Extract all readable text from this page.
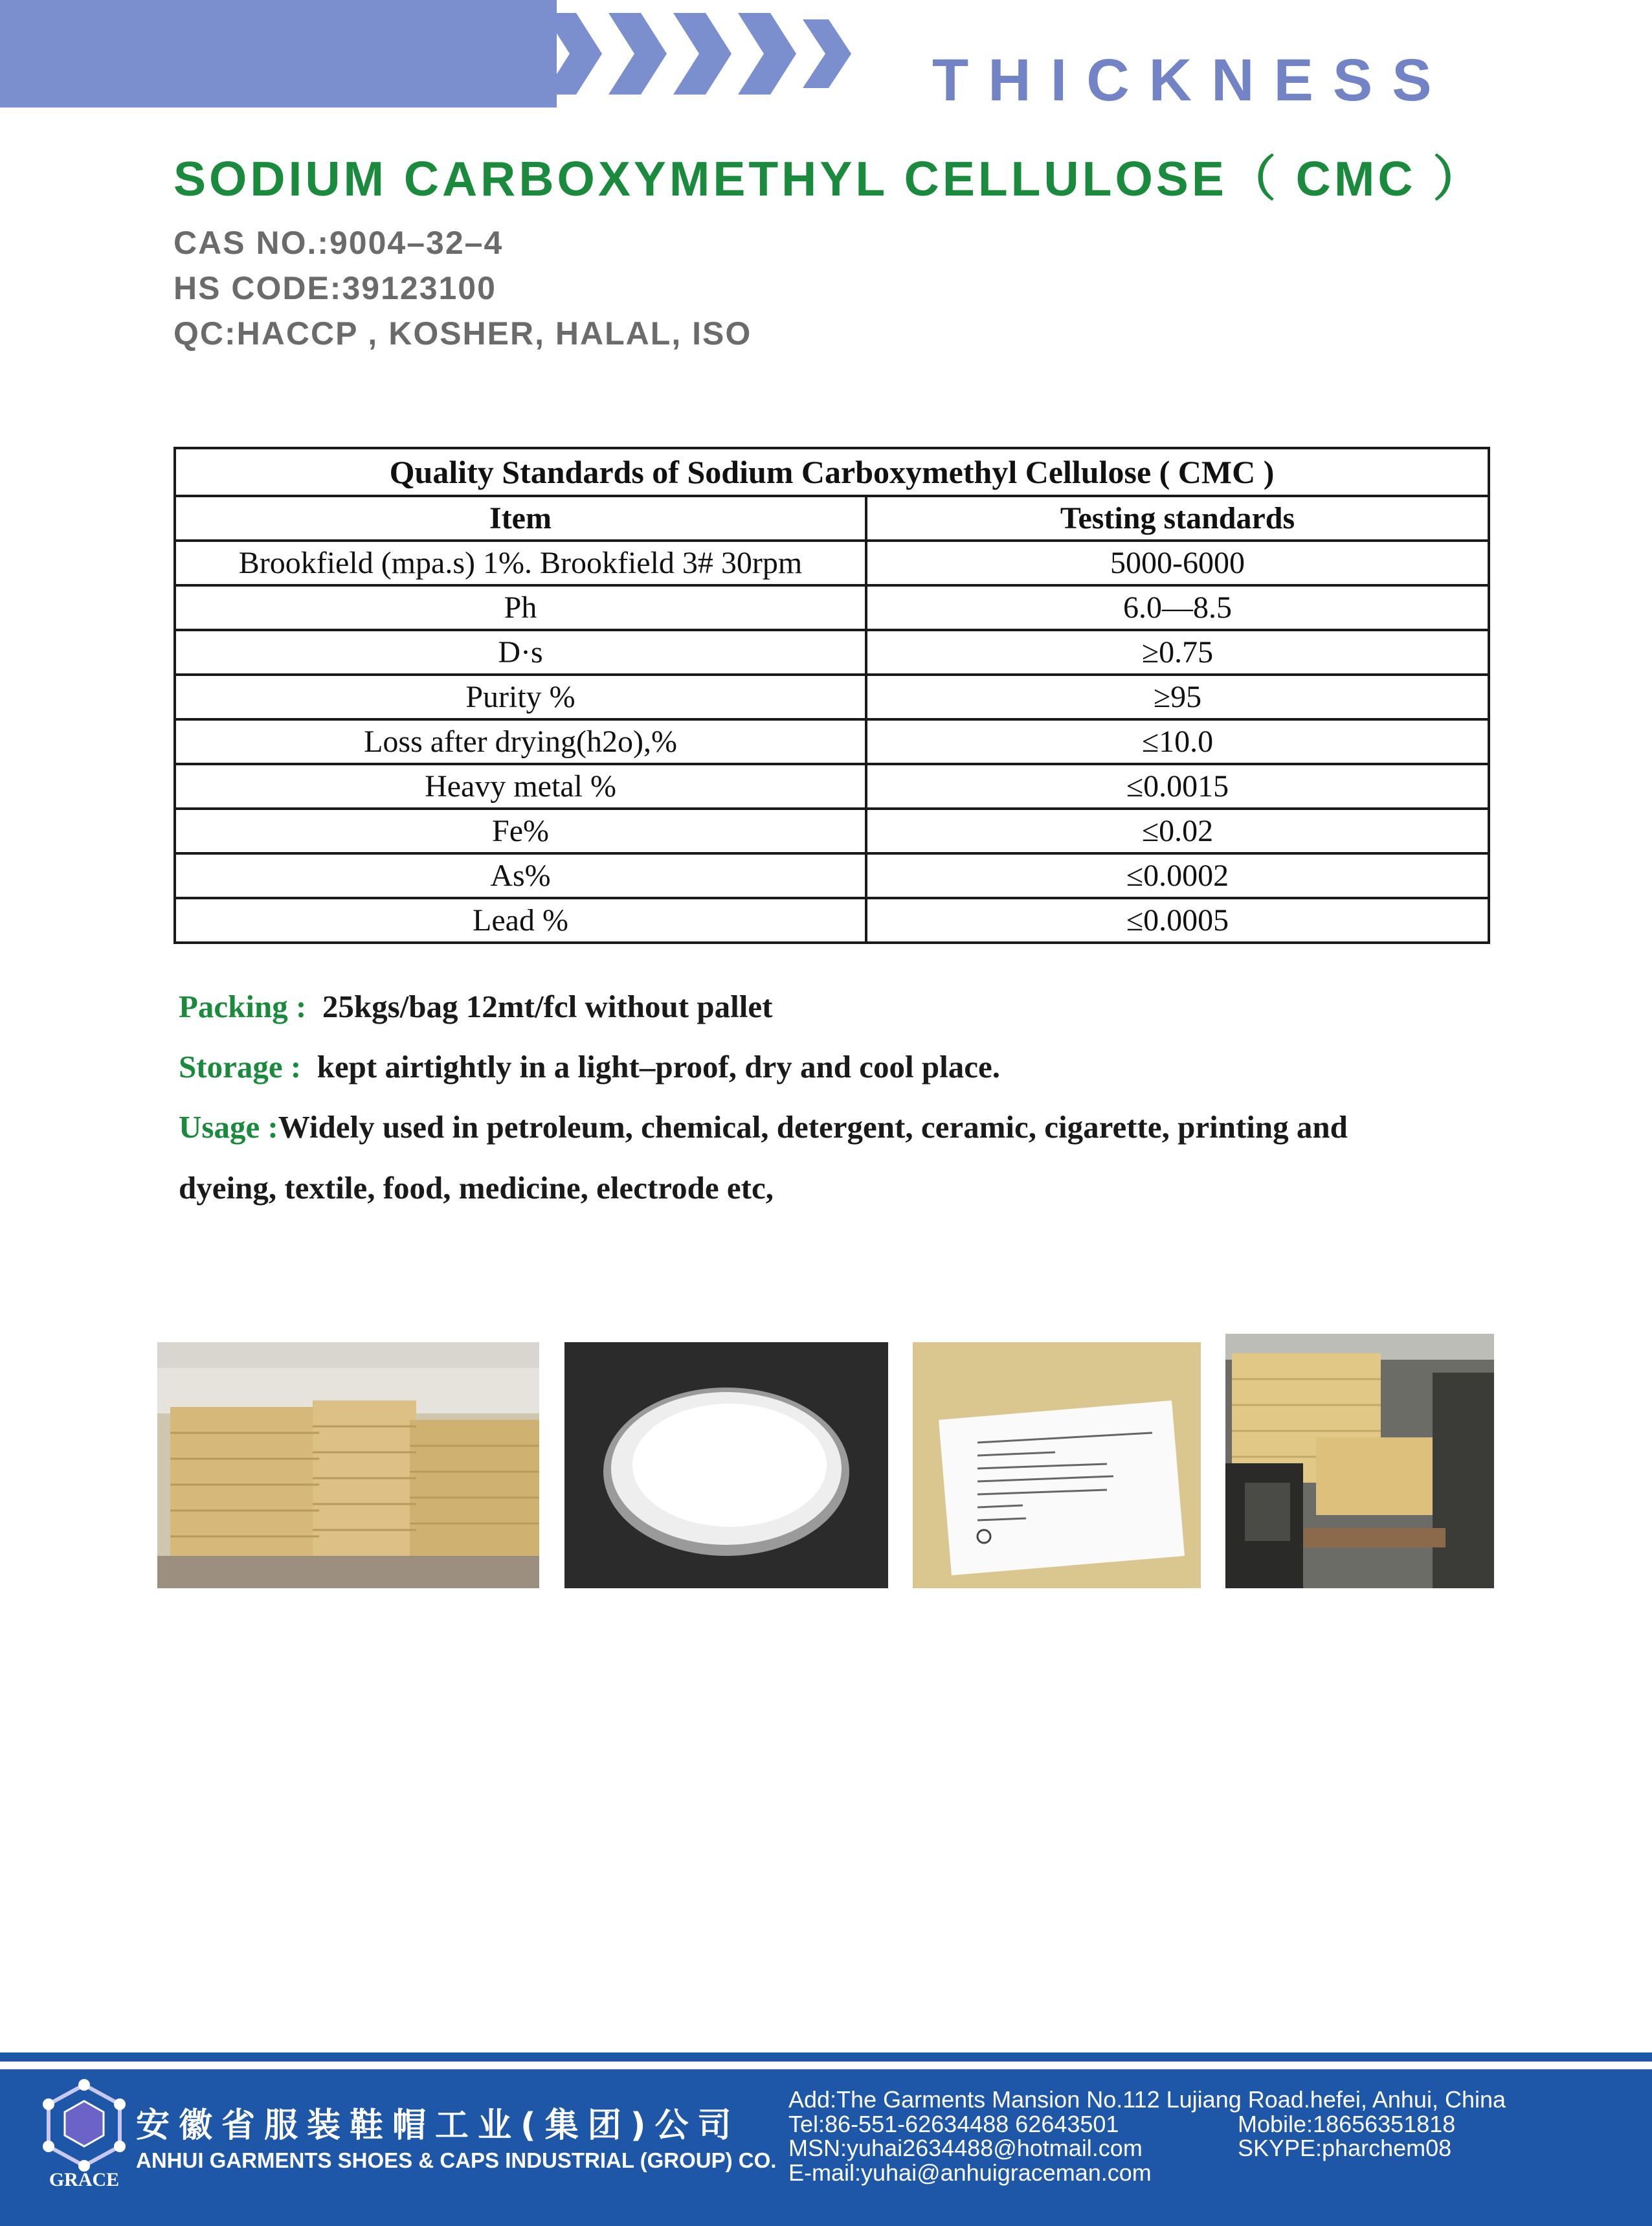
THICKNESS
SODIUM CARBOXYMETHYL CELLULOSE（ CMC ）
CAS NO.:9004–32–4
HS CODE:39123100
QC:HACCP , KOSHER, HALAL, ISO
Quality Standards of Sodium Carboxymethyl Cellulose ( CMC )	
Item	Testing standards
Brookfield (mpa.s) 1%. Brookfield 3# 30rpm	5000-6000
Ph	6.0—8.5
D·s	≥0.75
Purity %	≥95
Loss after drying(h2o),%	≤10.0
Heavy metal %	≤0.0015
Fe%	≤0.02
As%	≤0.0002
Lead %	≤0.0005
Packing : 25kgs/bag 12mt/fcl without pallet
Storage : kept airtightly in a light–proof, dry and cool place.
Usage :Widely used in petroleum, chemical, detergent, ceramic, cigarette, printing and
dyeing, textile, food, medicine, electrode etc,
GRACE
安徽省服装鞋帽工业(集团)公司
ANHUI GARMENTS SHOES & CAPS INDUSTRIAL (GROUP) CO.
Add:The Garments Mansion No.112 Lujiang Road.hefei, Anhui, China
Tel:86-551-62634488 62643501	Mobile:18656351818
MSN:yuhai2634488@hotmail.com	SKYPE:pharchem08
E-mail:yuhai@anhuigraceman.com
